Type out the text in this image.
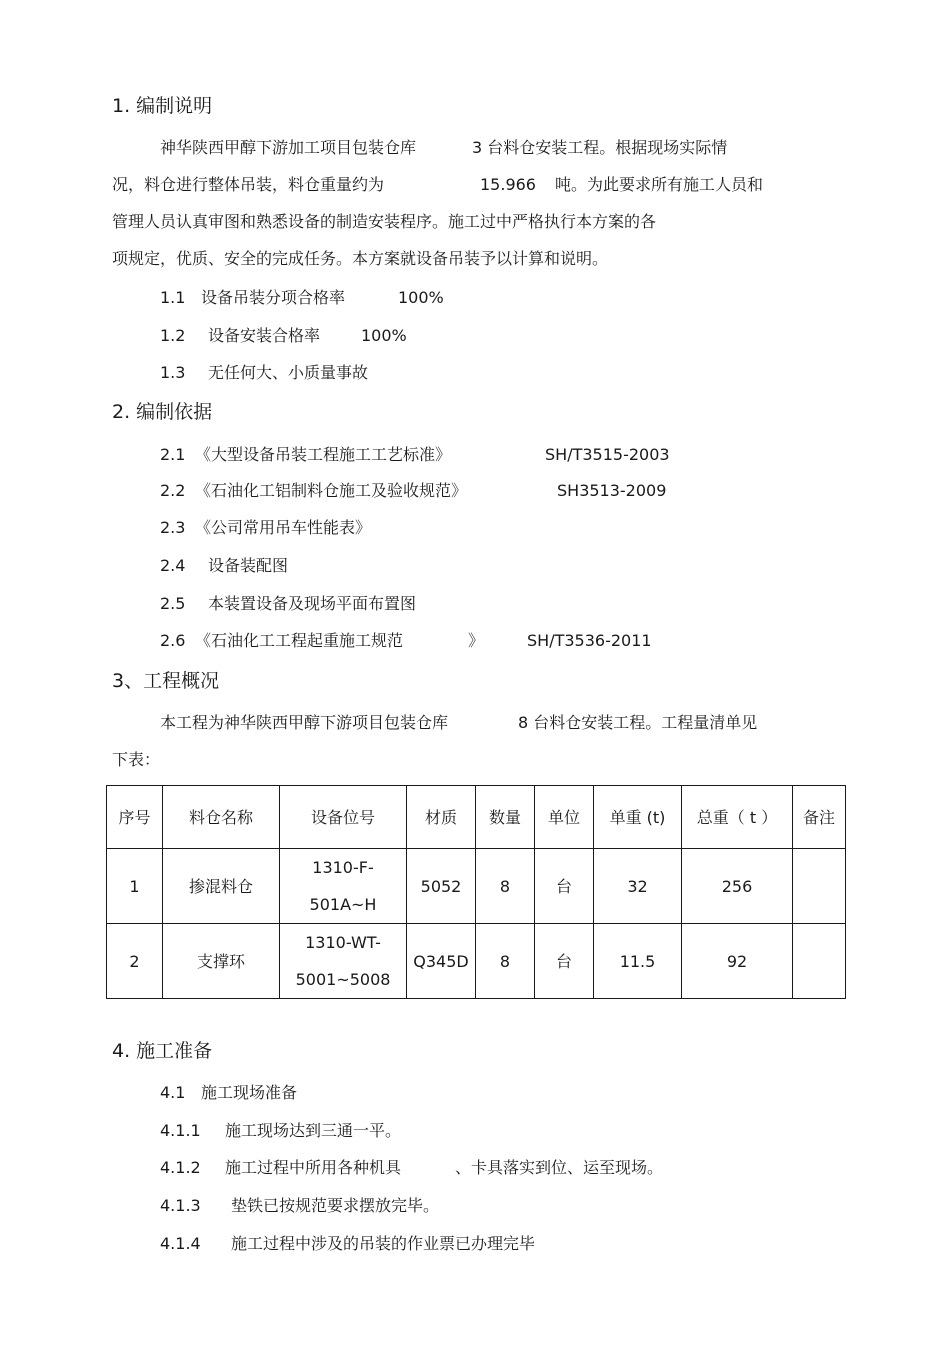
1. 编制说明
神华陕西甲醇下游加工项目包装仓库	3 台料仓安装工程。根据现场实际情
况，料仓进行整体吊装，料仓重量约为	15.966 吨。为此要求所有施工人员和
管理人员认真审图和熟悉设备的制造安装程序。施工过中严格执行本方案的各
项规定，优质、安全的完成任务。本方案就设备吊装予以计算和说明。
1.1 设备吊装分项合格率	100%
1.2 设备安装合格率	100%
1.3 无任何大、小质量事故
2. 编制依据
2.1 《大型设备吊装工程施工工艺标准》	SH/T3515-2003
2.2 《石油化工铝制料仓施工及验收规范》	SH3513-2009
2.3 《公司常用吊车性能表》
2.4 设备装配图
2.5 本装置设备及现场平面布置图
2.6 《石油化工工程起重施工规范	》	SH/T3536-2011
3、工程概况
本工程为神华陕西甲醇下游项目包装仓库	8 台料仓安装工程。工程量清单见
下表：
序号	料仓名称	设备位号	材质	数量	单位	单重 (t)	总重（ t ）	备注
1	掺混料仓	1310-F-
501A~H	5052	8	台	32	256	
2	支撑环	1310-WT-
5001~5008	Q345D	8	台	11.5	92	
4. 施工准备
4.1 施工现场准备
4.1.1 施工现场达到三通一平。
4.1.2 施工过程中所用各种机具	、卡具落实到位、运至现场。
4.1.3 垫铁已按规范要求摆放完毕。
4.1.4 施工过程中涉及的吊装的作业票已办理完毕
